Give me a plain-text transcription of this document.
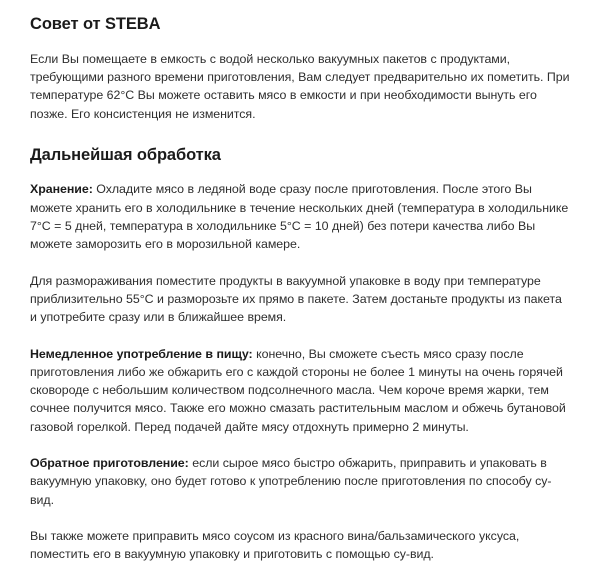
Совет от STEBA

Если Вы помещаете в емкость с водой несколько вакуумных пакетов с продуктами, требующими разного времени приготовления, Вам следует предварительно их пометить. При температуре 62°C Вы можете оставить мясо в емкости и при необходимости вынуть его позже. Его консистенция не изменится.

Дальнейшая обработка

Хранение: Охладите мясо в ледяной воде сразу после приготовления. После этого Вы можете хранить его в холодильнике в течение нескольких дней (температура в холодильнике 7°C = 5 дней, температура в холодильнике 5°C = 10 дней) без потери качества либо Вы можете заморозить его в морозильной камере.

Для размораживания поместите продукты в вакуумной упаковке в воду при температуре приблизительно 55°C и разморозьте их прямо в пакете. Затем достаньте продукты из пакета и употребите сразу или в ближайшее время.

Немедленное употребление в пищу: конечно, Вы сможете съесть мясо сразу после приготовления либо же обжарить его с каждой стороны не более 1 минуты на очень горячей сковороде с небольшим количеством подсолнечного масла. Чем короче время жарки, тем сочнее получится мясо. Также его можно смазать растительным маслом и обжечь бутановой газовой горелкой. Перед подачей дайте мясу отдохнуть примерно 2 минуты.

Обратное приготовление: если сырое мясо быстро обжарить, приправить и упаковать в вакуумную упаковку, оно будет готово к употреблению после приготовления по способу су-вид.

Вы также можете приправить мясо соусом из красного вина/бальзамического уксуса, поместить его в вакуумную упаковку и приготовить с помощью су-вид.
